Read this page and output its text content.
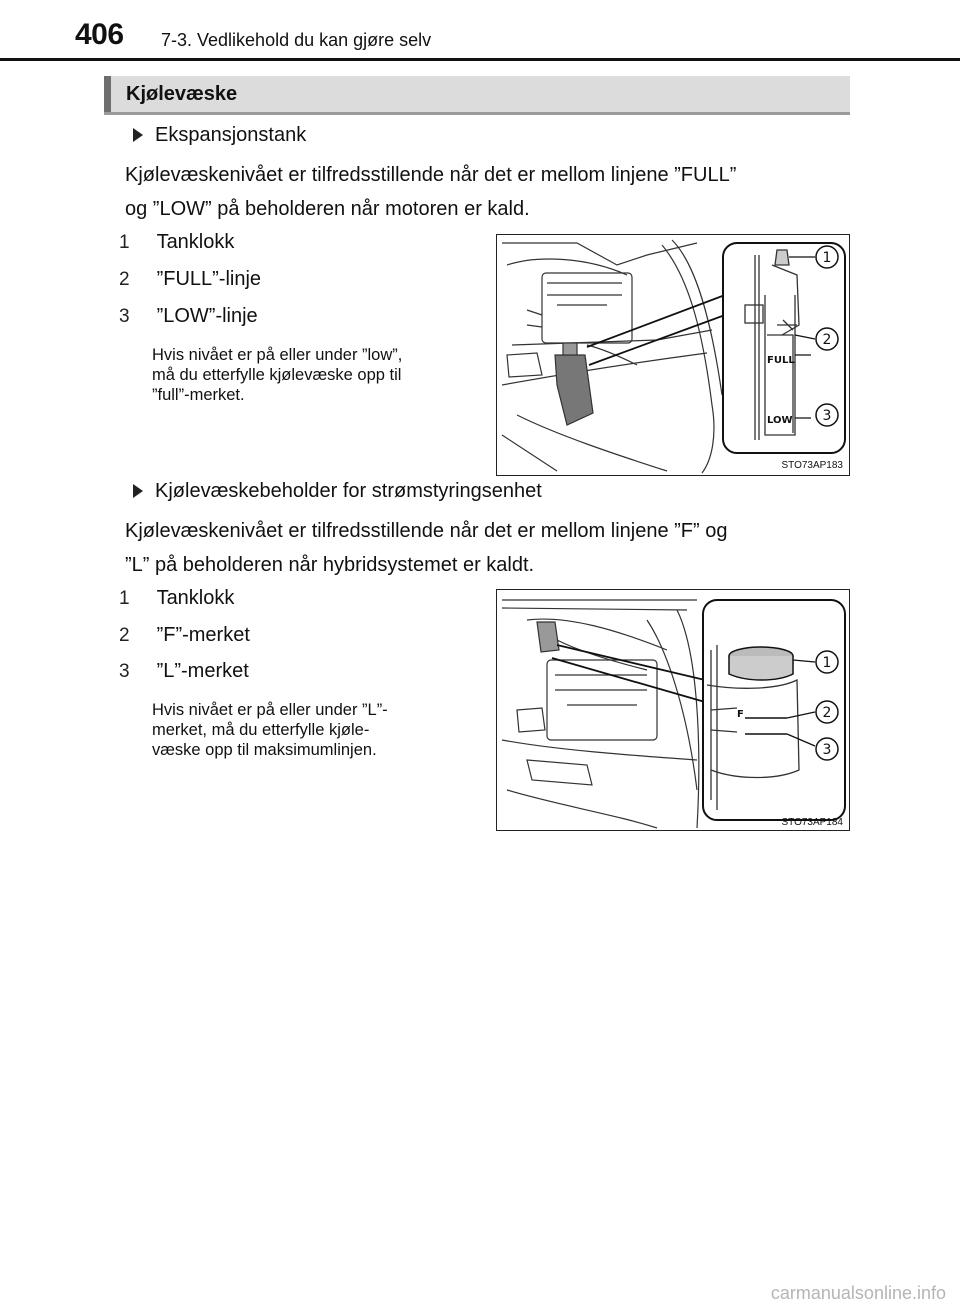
406 7-3. Vedlikehold du kan gjøre selv
Kjølevæske
Ekspansjonstank
Kjølevæskenivået er tilfredsstillende når det er mellom linjene ”FULL”
og ”LOW” på beholderen når motoren er kald.
1 Tanklokk
2 ”FULL”-linje
3 ”LOW”-linje
Hvis nivået er på eller under ”low”,
må du etterfylle kjølevæske opp til
”full”-merket.
FULL
LOW
1
2
3
STO73AP183
Kjølevæskebeholder for strømstyringsenhet
Kjølevæskenivået er tilfredsstillende når det er mellom linjene ”F” og
”L” på beholderen når hybridsystemet er kaldt.
1 Tanklokk
2 ”F”-merket
3 ”L”-merket
Hvis nivået er på eller under ”L”-
merket, må du etterfylle kjøle-
væske opp til maksimumlinjen.
F
1
2
3
STO73AP184
carmanualsonline.info
